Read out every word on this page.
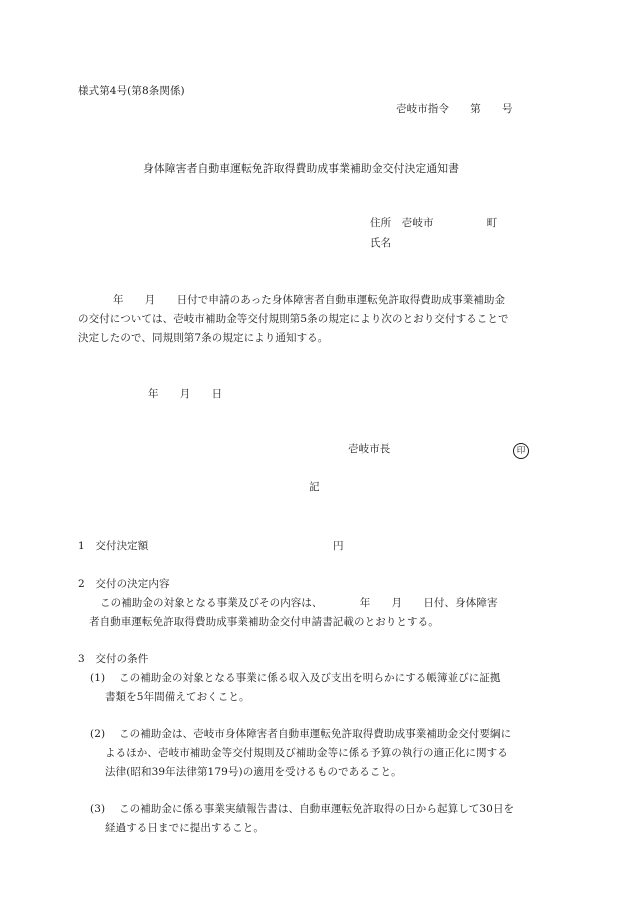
様式第4号(第8条関係)
壱岐市指令　　第　　号
身体障害者自動車運転免許取得費助成事業補助金交付決定通知書
住所　壱岐市　　　　　町
氏名
年　　月　　日付で申請のあった身体障害者自動車運転免許取得費助成事業補助金
の交付については、壱岐市補助金等交付規則第5条の規定により次のとおり交付することで
決定したので、同規則第7条の規定により通知する。
年　　月　　日
壱岐市長	印
記
1　交付決定額	円
2　交付の決定内容
この補助金の対象となる事業及びその内容は、　　　　年　　月　　日付、身体障害
者自動車運転免許取得費助成事業補助金交付申請書記載のとおりとする。
3　交付の条件
(1) この補助金の対象となる事業に係る収入及び支出を明らかにする帳簿並びに証拠
書類を5年間備えておくこと。
(2) この補助金は、壱岐市身体障害者自動車運転免許取得費助成事業補助金交付要綱に
よるほか、壱岐市補助金等交付規則及び補助金等に係る予算の執行の適正化に関する
法律(昭和39年法律第179号)の適用を受けるものであること。
(3) この補助金に係る事業実績報告書は、自動車運転免許取得の日から起算して30日を
経過する日までに提出すること。
